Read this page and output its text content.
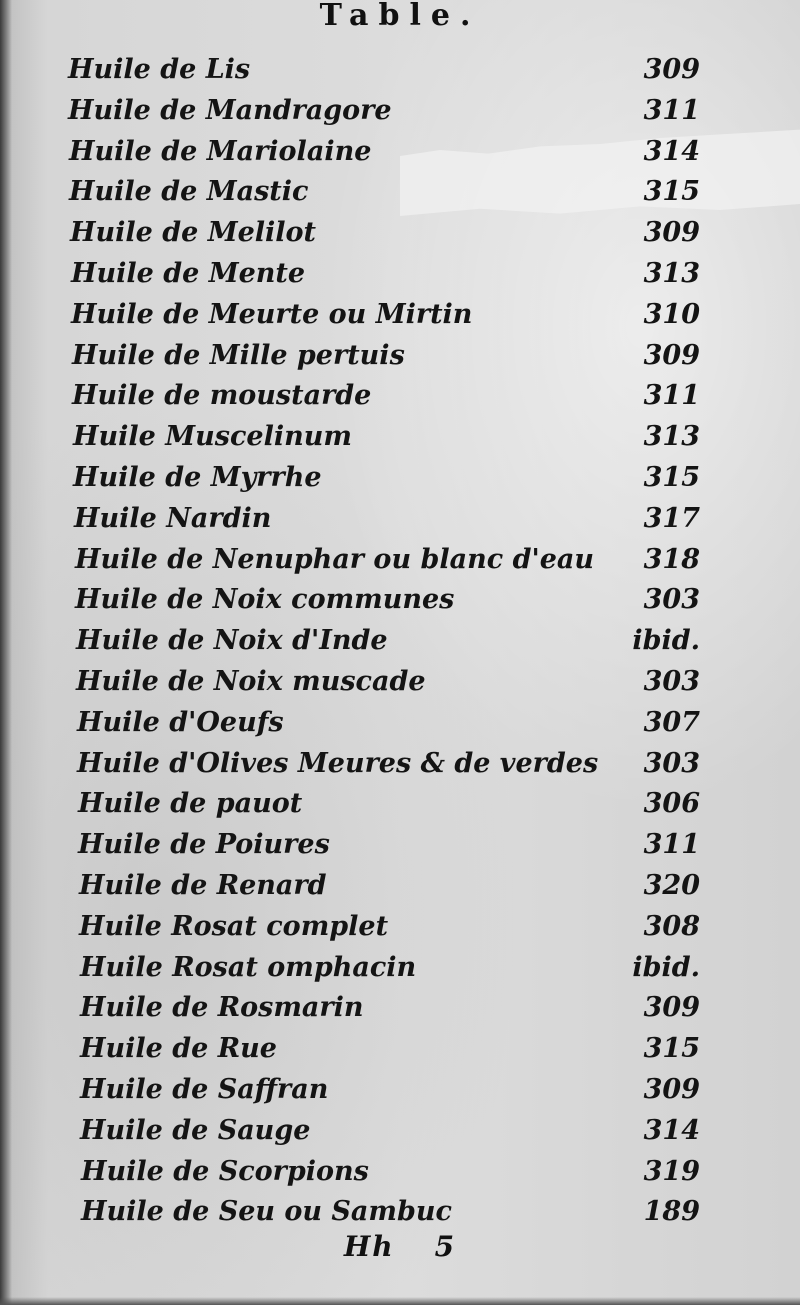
Table.
Huile de Lis	309
Huile de Mandragore	311
Huile de Mariolaine	314
Huile de Mastic	315
Huile de Melilot	309
Huile de Mente	313
Huile de Meurte ou Mirtin	310
Huile de Mille pertuis	309
Huile de moustarde	311
Huile Muscelinum	313
Huile de Myrrhe	315
Huile Nardin	317
Huile de Nenuphar ou blanc d'eau 318
Huile de Noix communes	303
Huile de Noix d'Inde	ibid.
Huile de Noix muscade	303
Huile d'Oeufs	307
Huile d'Olives Meures & de verdes 303
Huile de pauot	306
Huile de Poiures	311
Huile de Renard	320
Huile Rosat complet	308
Huile Rosat omphacin	ibid.
Huile de Rosmarin	309
Huile de Rue	315
Huile de Saffran	309
Huile de Sauge	314
Huile de Scorpions	319
Huile de Seu ou Sambuc	189
Hh 5
